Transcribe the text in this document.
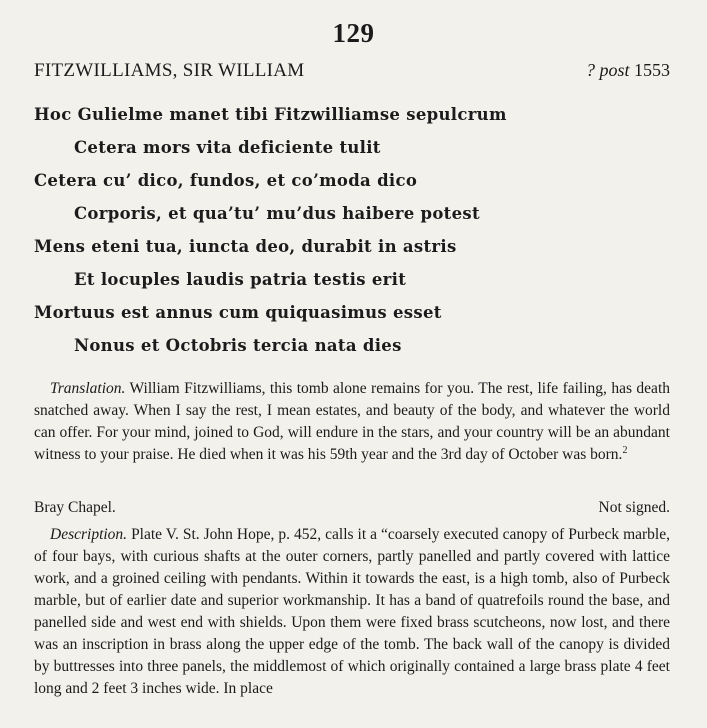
129
FITZWILLIAMS, SIR WILLIAM	? post 1553
Hoc Gulielme manet tibi Fitzwilliamse sepulcrum
Cetera mors vita deficiente tulit
Cetera cu’ dico, fundos, et co’moda dico
Corporis, et qua’tu’ mu’dus haibere potest
Mens eteni tua, iuncta deo, durabit in astris
Et locuples laudis patria testis erit
Mortuus est annus cum quiquasimus esset
Nonus et Octobris tercia nata dies
Translation. William Fitzwilliams, this tomb alone remains for you. The rest, life failing, has death snatched away. When I say the rest, I mean estates, and beauty of the body, and whatever the world can offer. For your mind, joined to God, will endure in the stars, and your country will be an abundant witness to your praise. He died when it was his 59th year and the 3rd day of October was born.$^2$
Bray Chapel.	Not signed.
Description. Plate V. St. John Hope, p. 452, calls it a “coarsely executed canopy of Purbeck marble, of four bays, with curious shafts at the outer corners, partly panelled and partly covered with lattice work, and a groined ceiling with pendants. Within it towards the east, is a high tomb, also of Purbeck marble, but of earlier date and superior workmanship. It has a band of quatrefoils round the base, and panelled side and west end with shields. Upon them were fixed brass scutcheons, now lost, and there was an inscription in brass along the upper edge of the tomb. The back wall of the canopy is divided by buttresses into three panels, the middlemost of which originally contained a large brass plate 4 feet long and 2 feet 3 inches wide. In place
